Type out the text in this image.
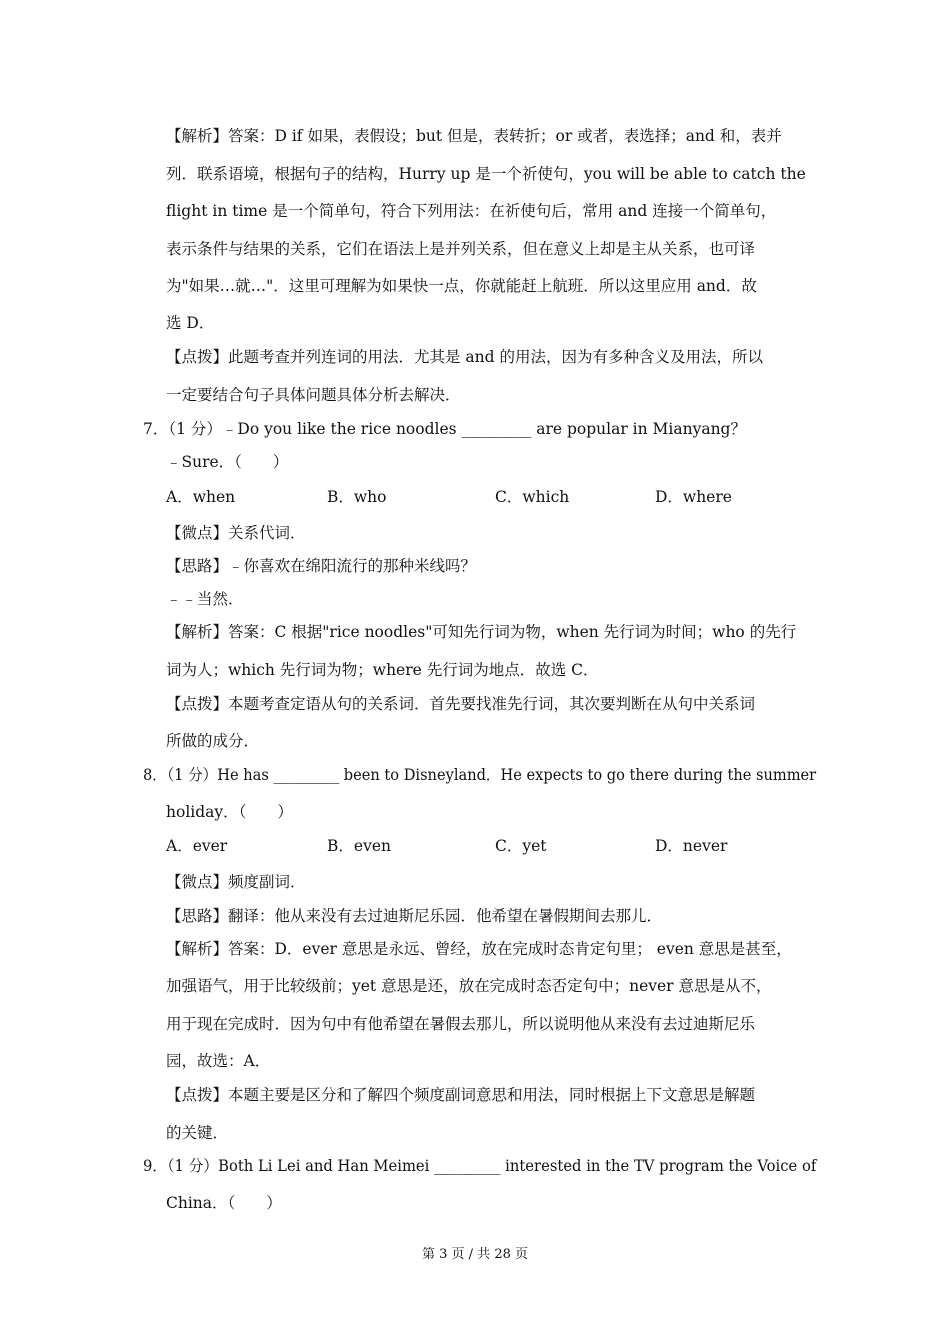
【解析】答案：D if 如果，表假设；but 但是，表转折；or 或者，表选择；and 和，表并
列．联系语境，根据句子的结构，Hurry up 是一个祈使句，you will be able to catch the
flight in time 是一个简单句，符合下列用法：在祈使句后，常用 and 连接一个简单句，
表示条件与结果的关系，它们在语法上是并列关系，但在意义上却是主从关系，也可译
为"如果…就…"．这里可理解为如果快一点，你就能赶上航班．所以这里应用 and．故
选 D．
【点拨】此题考查并列连词的用法．尤其是 and 的用法，因为有多种含义及用法，所以
一定要结合句子具体问题具体分析去解决．
7．（1 分）﹣Do you like the rice noodles _________ are popular in Mianyang？
﹣Sure．（　　）
A．when	B．who	C．which	D．where
【微点】关系代词．
【思路】﹣你喜欢在绵阳流行的那种米线吗？
﹣﹣当然．
【解析】答案：C 根据"rice noodles"可知先行词为物，when 先行词为时间；who 的先行
词为人；which 先行词为物；where 先行词为地点．故选 C．
【点拨】本题考查定语从句的关系词．首先要找准先行词，其次要判断在从句中关系词
所做的成分．
8．（1 分）He has _________ been to Disneyland．He expects to go there during the summer
holiday．（　　）
A．ever	B．even	C．yet	D．never
【微点】频度副词．
【思路】翻译：他从来没有去过迪斯尼乐园．他希望在暑假期间去那儿．
【解析】答案：D．ever 意思是永远、曾经，放在完成时态肯定句里； even 意思是甚至，
加强语气，用于比较级前；yet 意思是还，放在完成时态否定句中；never 意思是从不，
用于现在完成时．因为句中有他希望在暑假去那儿，所以说明他从来没有去过迪斯尼乐
园，故选：A．
【点拨】本题主要是区分和了解四个频度副词意思和用法，同时根据上下文意思是解题
的关键．
9．（1 分）Both Li Lei and Han Meimei _________ interested in the TV program the Voice of
China．（　　）
第 3 页 / 共 28 页
